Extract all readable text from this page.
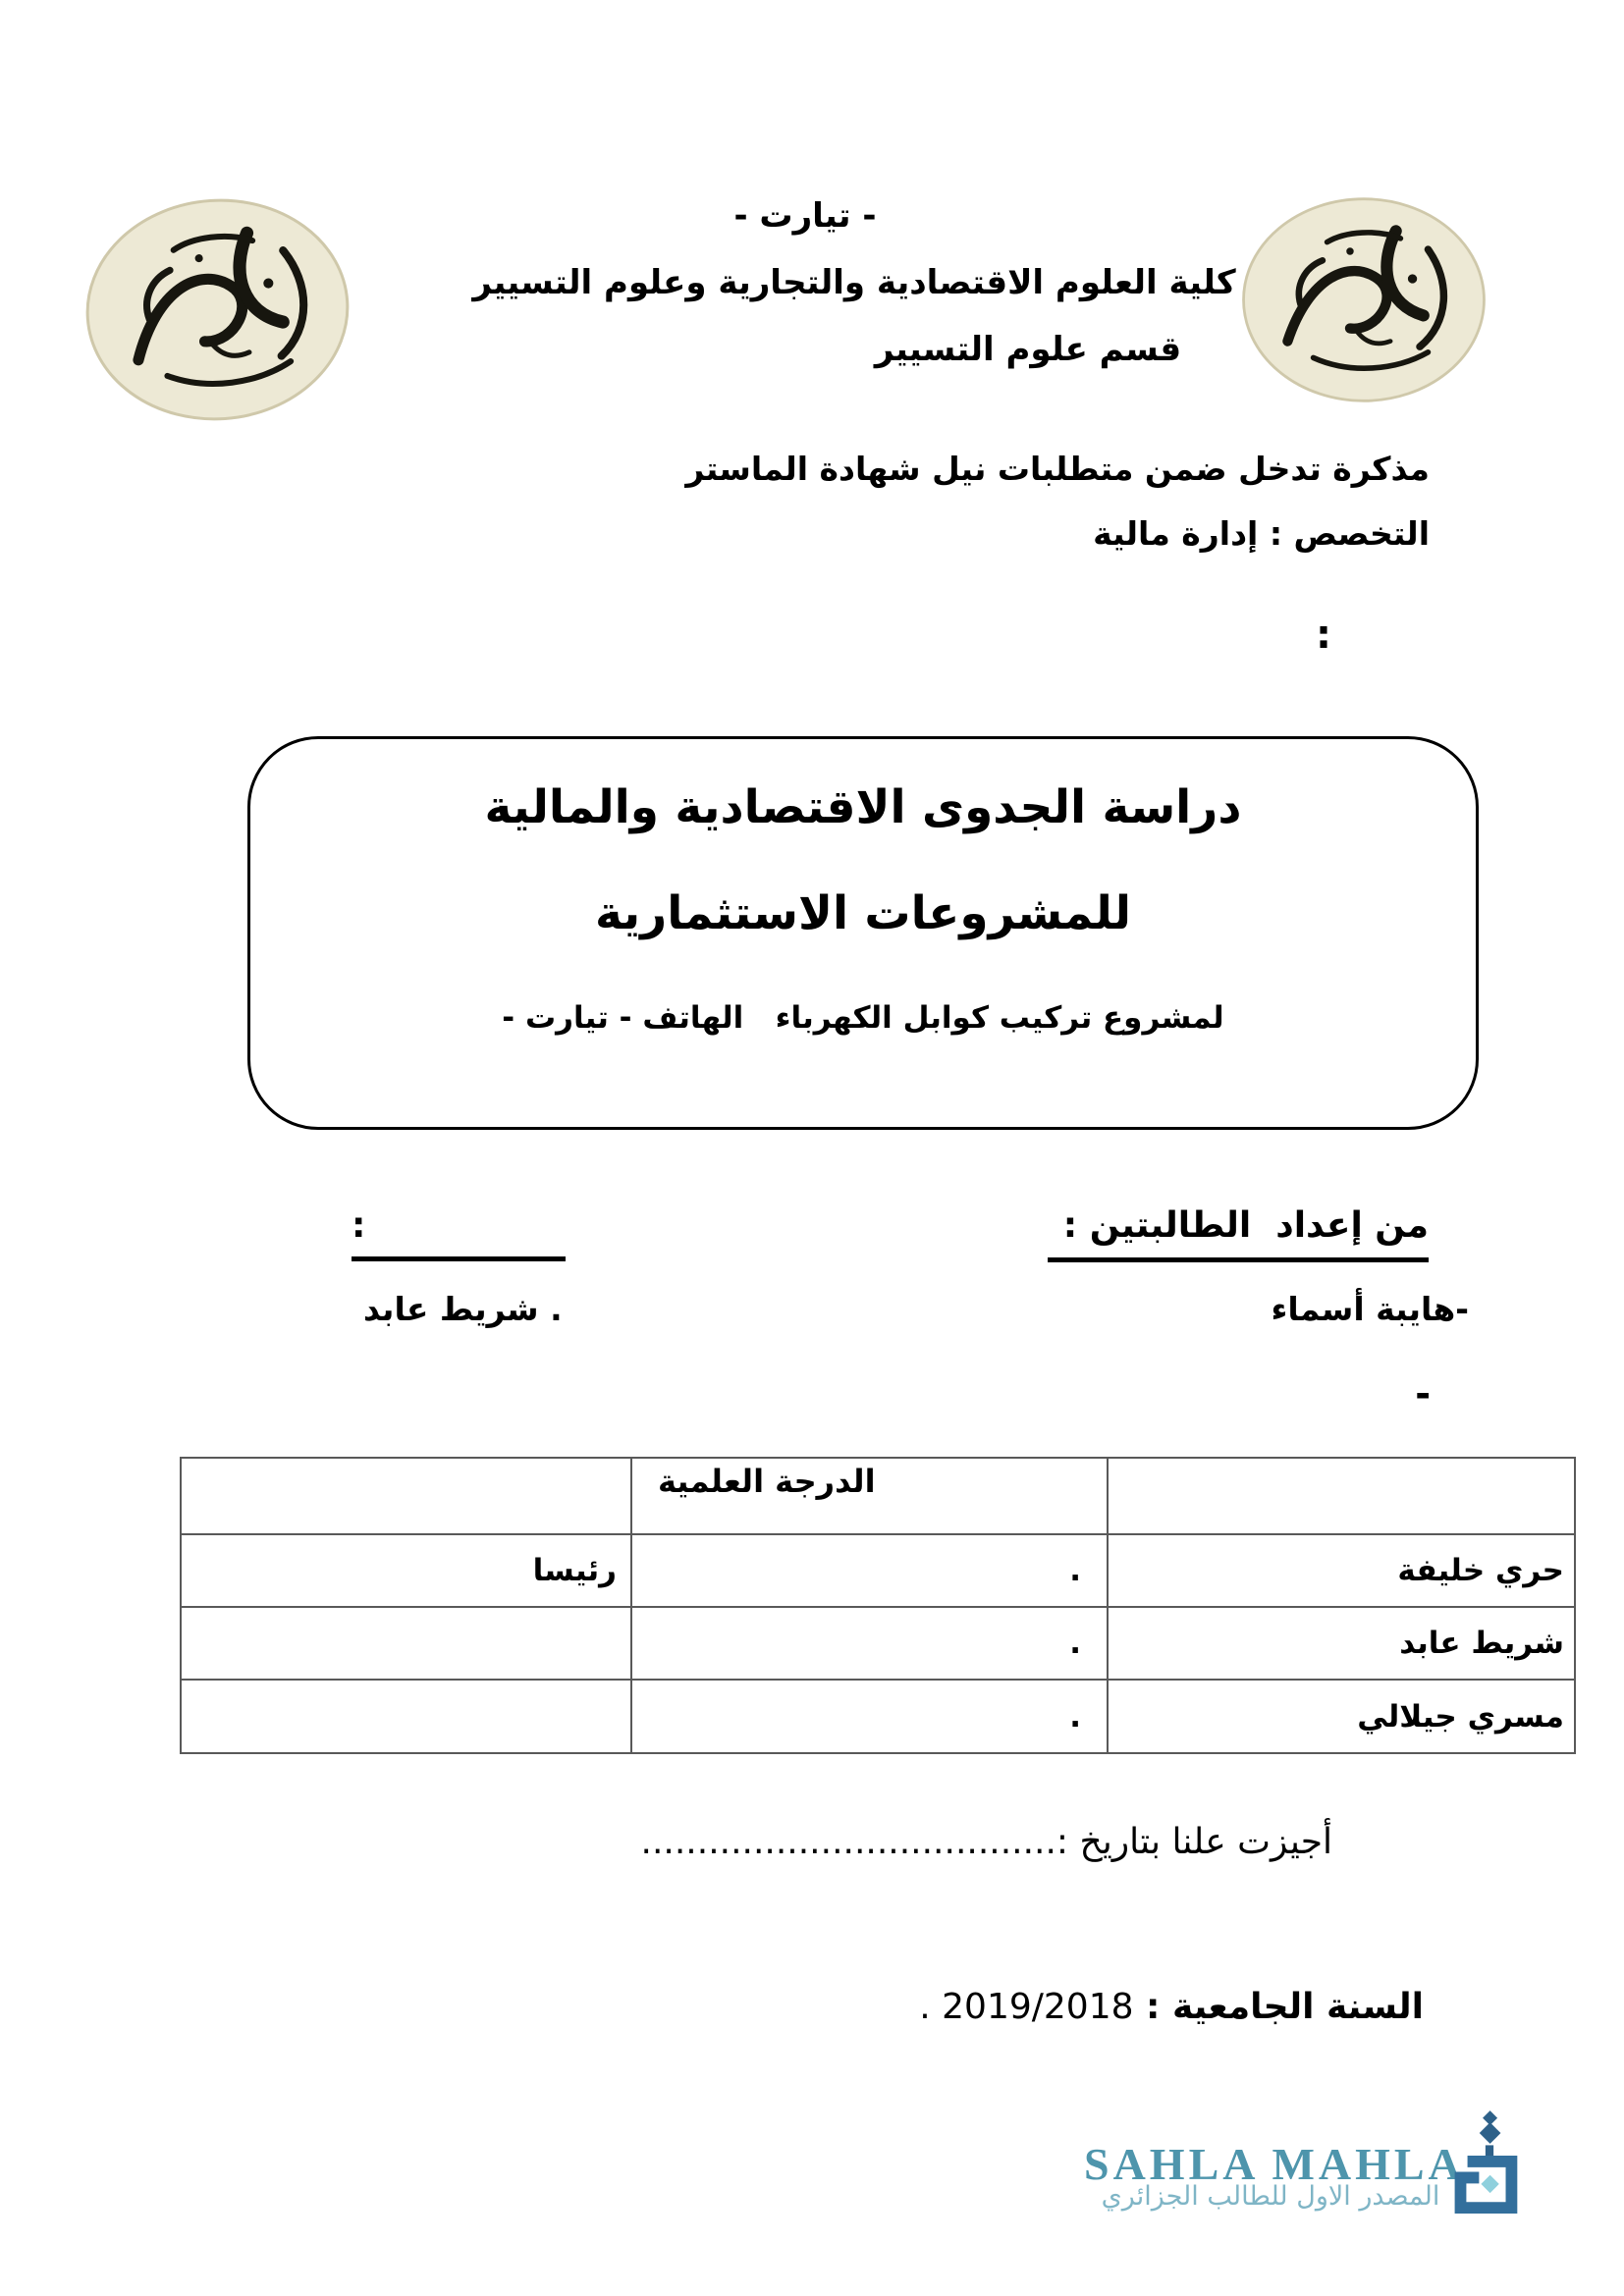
- تيارت -
كلية العلوم الاقتصادية والتجارية وعلوم التسيير
قسم علوم التسيير
مذكرة تدخل ضمن متطلبات نيل شهادة الماستر
التخصص : إدارة مالية
:
دراسة الجدوى الاقتصادية والمالية
للمشروعات الاستثمارية
لمشروع تركيب كوابل الكهرباء   الهاتف - تيارت -
من إعداد  الطالبتين :
:
-هايبة أسماء
. شريط عابد
-
	الدرجة العلمية	
حري خليفة	.	رئيسا
شريط عابد	.	
مسري جيلالي	.	
أجيزت علنا بتاريخ :.....................................
السنة الجامعية : 2019/2018 .
SAHLA MAHLA
المصدر الاول للطالب الجزائري
